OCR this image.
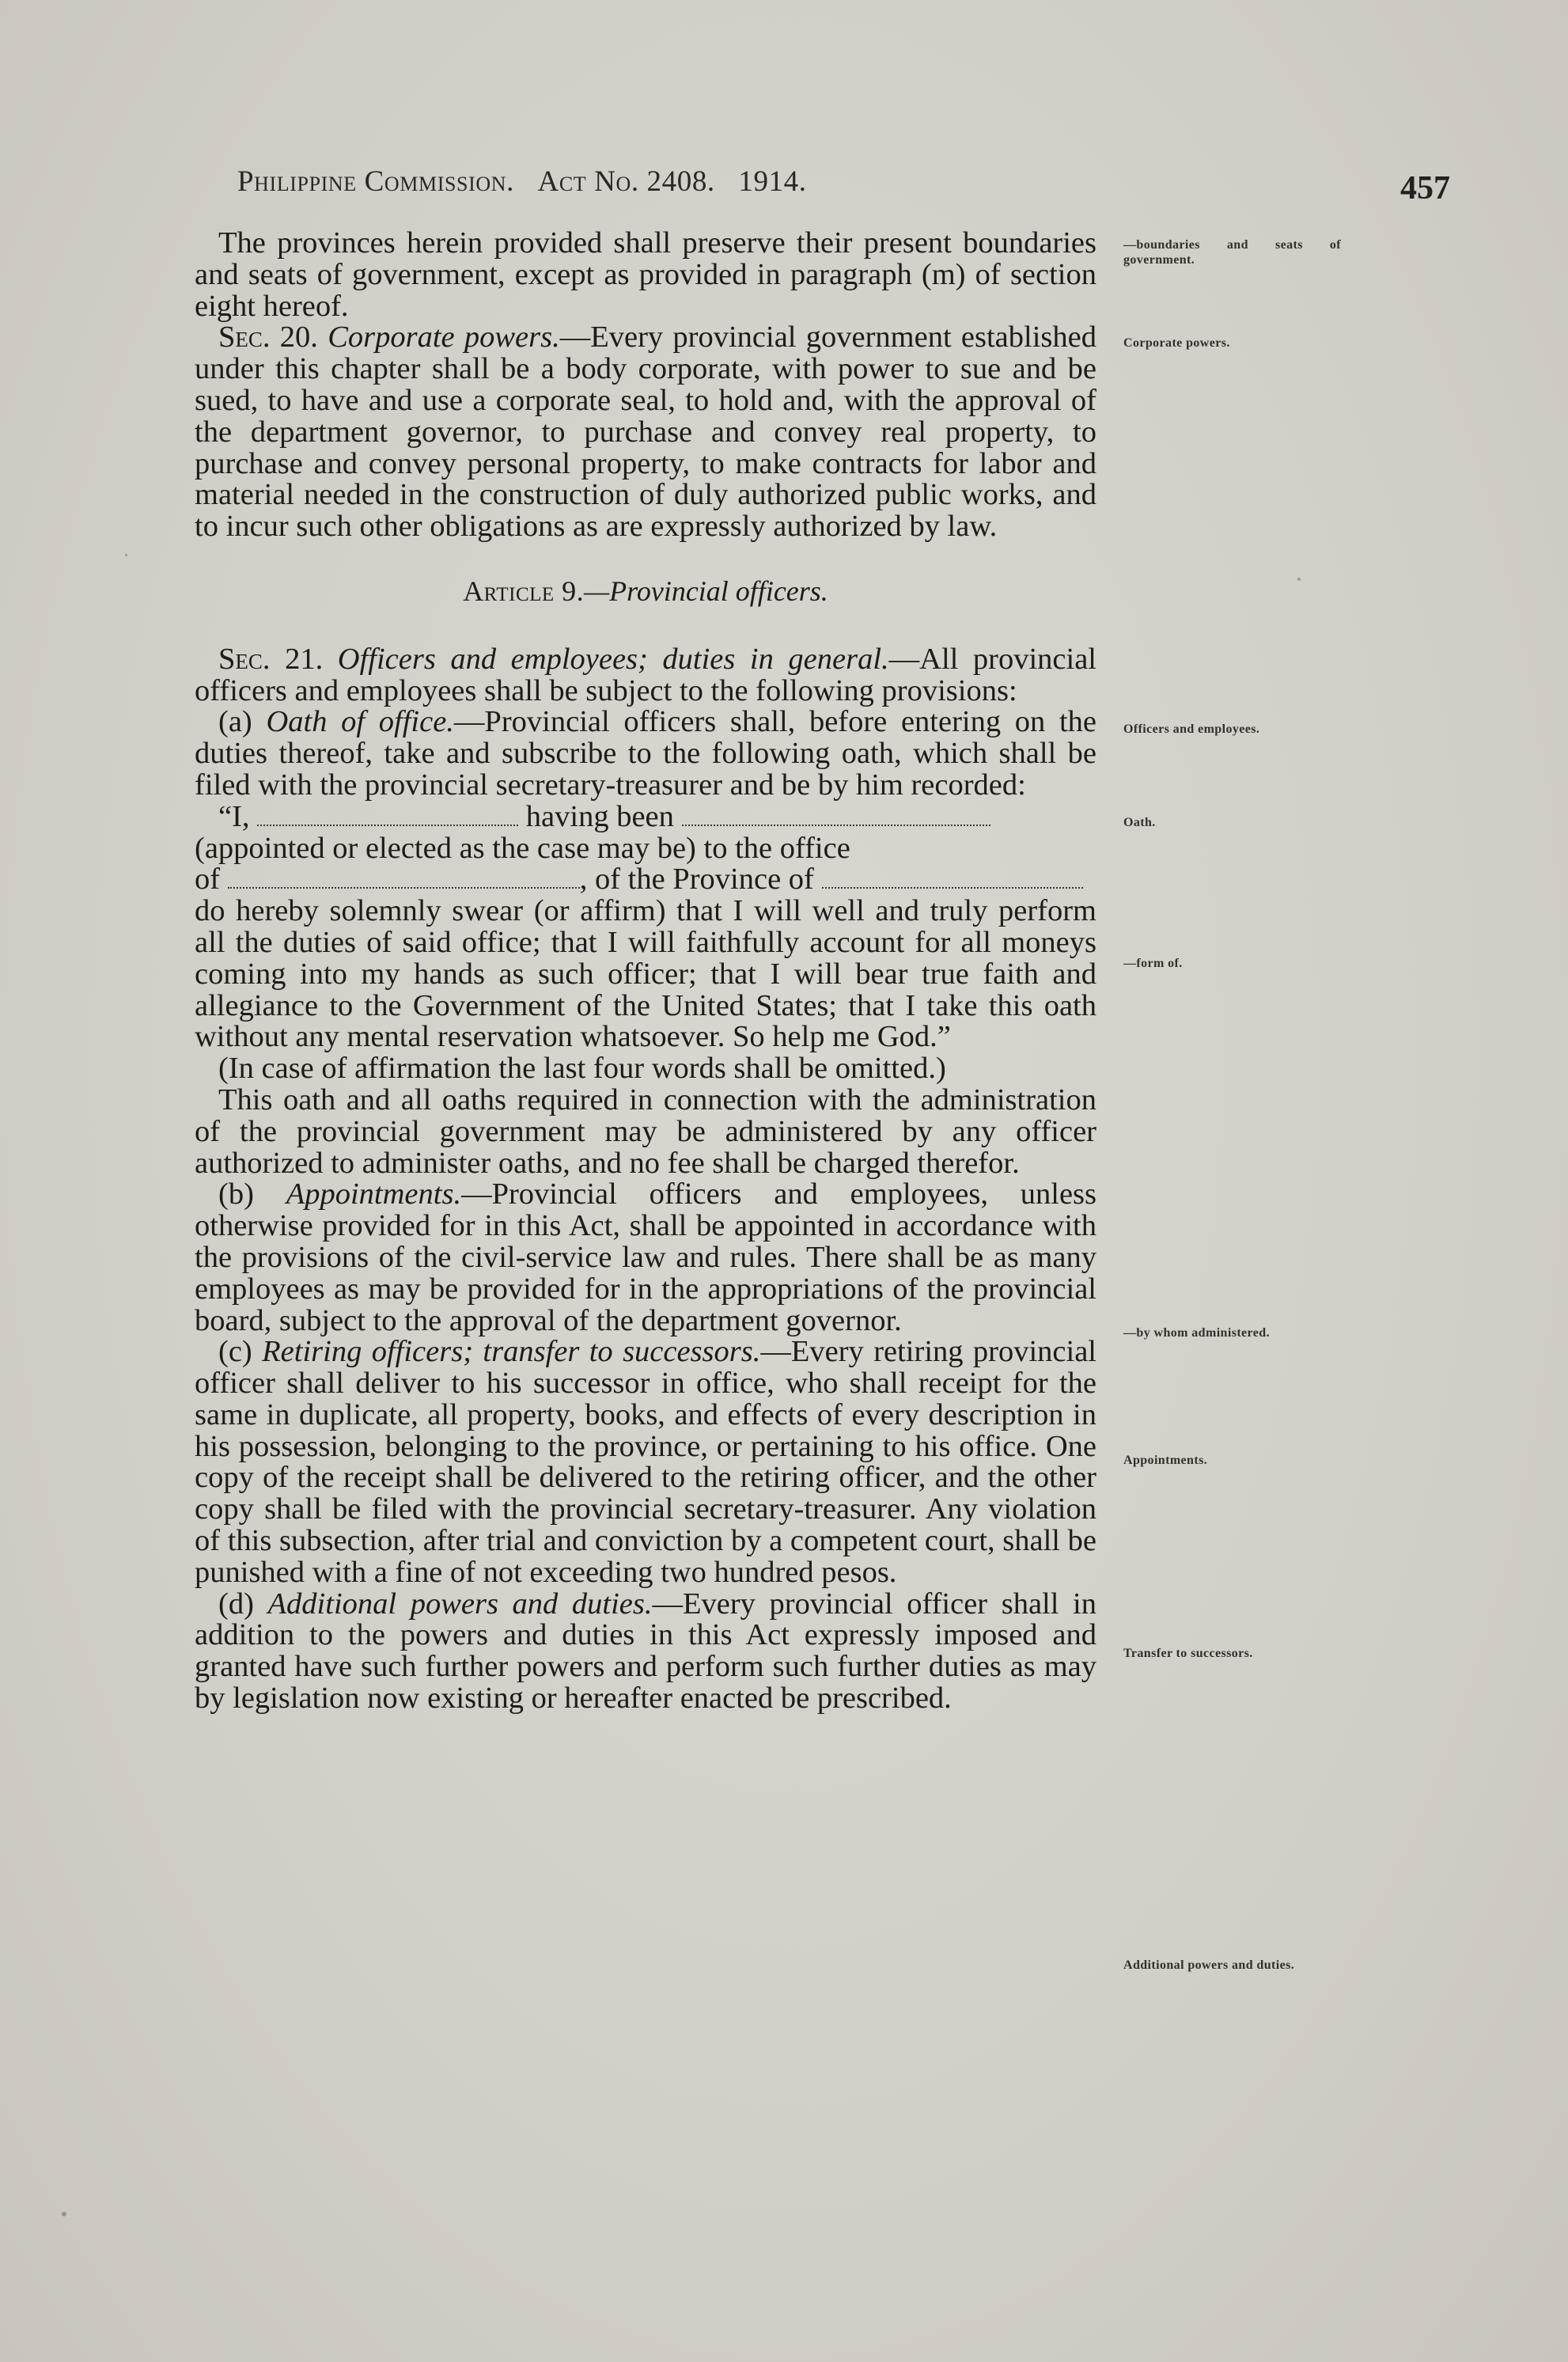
Philippine Commission. Act No. 2408. 1914.	457

The provinces herein provided shall preserve their present boundaries and seats of government, except as provided in paragraph (m) of section eight hereof.

Sec. 20. Corporate powers.—Every provincial government established under this chapter shall be a body corporate, with power to sue and be sued, to have and use a corporate seal, to hold and, with the approval of the department governor, to purchase and convey real property, to purchase and convey personal property, to make contracts for labor and material needed in the construction of duly authorized public works, and to incur such other obligations as are expressly authorized by law.

Article 9.—Provincial officers.

Sec. 21. Officers and employees; duties in general.—All provincial officers and employees shall be subject to the following provisions:

(a) Oath of office.—Provincial officers shall, before entering on the duties thereof, take and subscribe to the following oath, which shall be filed with the provincial secretary-treasurer and be by him recorded:

“I,	having been
(appointed or elected as the case may be) to the office
of	, of the Province of
do hereby solemnly swear (or affirm) that I will well and truly perform all the duties of said office; that I will faithfully account for all moneys coming into my hands as such officer; that I will bear true faith and allegiance to the Government of the United States; that I take this oath without any mental reservation whatsoever. So help me God.”

(In case of affirmation the last four words shall be omitted.)

This oath and all oaths required in connection with the administration of the provincial government may be administered by any officer authorized to administer oaths, and no fee shall be charged therefor.

(b) Appointments.—Provincial officers and employees, unless otherwise provided for in this Act, shall be appointed in accordance with the provisions of the civil-service law and rules. There shall be as many employees as may be provided for in the appropriations of the provincial board, subject to the approval of the department governor.

(c) Retiring officers; transfer to successors.—Every retiring provincial officer shall deliver to his successor in office, who shall receipt for the same in duplicate, all property, books, and effects of every description in his possession, belonging to the province, or pertaining to his office. One copy of the receipt shall be delivered to the retiring officer, and the other copy shall be filed with the provincial secretary-treasurer. Any violation of this subsection, after trial and conviction by a competent court, shall be punished with a fine of not exceeding two hundred pesos.

(d) Additional powers and duties.—Every provincial officer shall in addition to the powers and duties in this Act expressly imposed and granted have such further powers and perform such further duties as may by legislation now existing or hereafter enacted be prescribed.

—boundaries and seats of government.
Corporate powers.
Officers and employees.
Oath.
—form of.
—by whom administered.
Appointments.
Transfer to successors.
Additional powers and duties.
